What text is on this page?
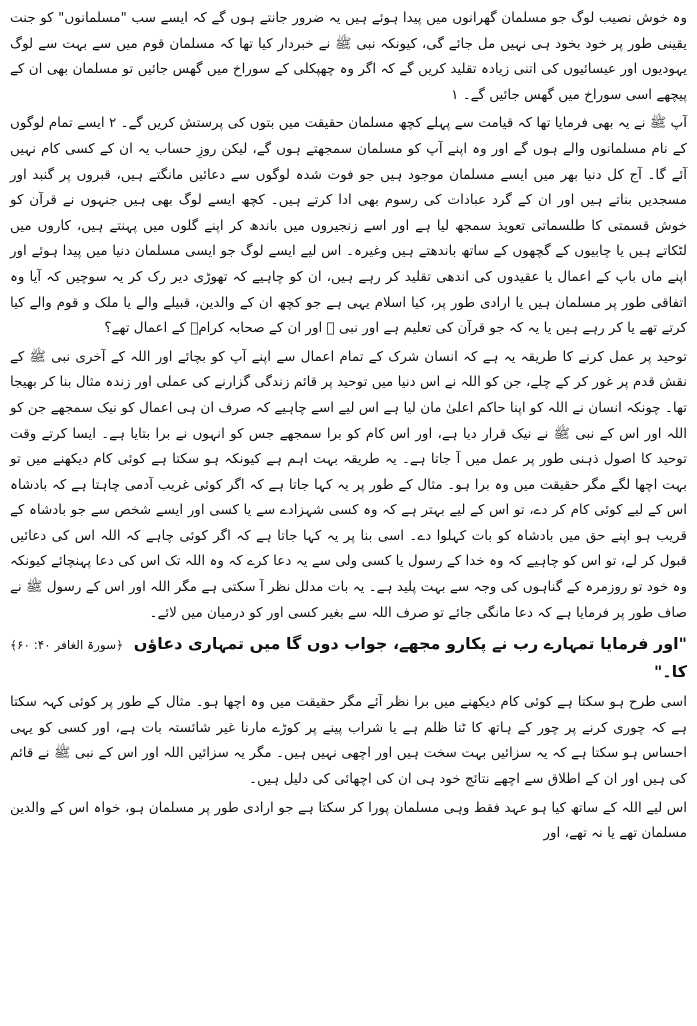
وہ خوش نصیب لوگ جو مسلمان گھرانوں میں پیدا ہوئے ہیں یہ ضرور جانتے ہوں گے کہ ایسے سب "مسلمانوں" کو جنت یقینی طور پر خود بخود ہی نہیں مل جائے گی، کیونکہ نبی ﷺ نے خبردار کیا تھا کہ مسلمان قوم میں سے بہت سے لوگ یہودیوں اور عیسائیوں کی اتنی زیادہ تقلید کریں گے کہ اگر وہ چھپکلی کے سوراخ میں گھس جائیں تو مسلمان بھی ان کے پیچھے اسی سوراخ میں گھس جائیں گے۔ ۱

آپ ﷺ نے یہ بھی فرمایا تھا کہ قیامت سے پہلے کچھ مسلمان حقیقت میں بتوں کی پرستش کریں گے۔ ۲ ایسے تمام لوگوں کے نام مسلمانوں والے ہوں گے اور وہ اپنے آپ کو مسلمان سمجھتے ہوں گے، لیکن روزِ حساب یہ ان کے کسی کام نہیں آئے گا۔ آج کل دنیا بھر میں ایسے مسلمان موجود ہیں جو فوت شدہ لوگوں سے دعائیں مانگتے ہیں، قبروں پر گنبد اور مسجدیں بناتے ہیں اور ان کے گرد عبادات کی رسوم بھی ادا کرتے ہیں۔ کچھ ایسے لوگ بھی ہیں جنہوں نے قرآن کو خوش قسمتی کا طلسماتی تعویذ سمجھ لیا ہے اور اسے زنجیروں میں باندھ کر اپنے گلوں میں پہنتے ہیں، کاروں میں لٹکاتے ہیں یا چابیوں کے گچھوں کے ساتھ باندھتے ہیں وغیرہ۔ اس لیے ایسے لوگ جو ایسی مسلمان دنیا میں پیدا ہوئے اور اپنے ماں باپ کے اعمال یا عقیدوں کی اندھی تقلید کر رہے ہیں، ان کو چاہیے کہ تھوڑی دیر رک کر یہ سوچیں کہ آیا وہ اتفاقی طور پر مسلمان ہیں یا ارادی طور پر، کیا اسلام یہی ہے جو کچھ ان کے والدین، قبیلے والے یا ملک و قوم والے کیا کرتے تھے یا کر رہے ہیں یا یہ کہ جو قرآن کی تعلیم ہے اور نبی ﷺ اور ان کے صحابہ کرامؓ کے اعمال تھے؟

توحید پر عمل کرنے کا طریقہ یہ ہے کہ انسان شرک کے تمام اعمال سے اپنے آپ کو بچائے اور اللہ کے آخری نبی ﷺ کے نقش قدم پر غور کر کے چلے، جن کو اللہ نے اس دنیا میں توحید پر قائم زندگی گزارنے کی عملی اور زندہ مثال بنا کر بھیجا تھا۔ چونکہ انسان نے اللہ کو اپنا حاکم اعلیٰ مان لیا ہے اس لیے اسے چاہیے کہ صرف ان ہی اعمال کو نیک سمجھے جن کو اللہ اور اس کے نبی ﷺ نے نیک قرار دیا ہے، اور اس کام کو برا سمجھے جس کو انہوں نے برا بتایا ہے۔ ایسا کرتے وقت توحید کا اصول ذہنی طور پر عمل میں آ جاتا ہے۔ یہ طریقہ بہت اہم ہے کیونکہ ہو سکتا ہے کوئی کام دیکھنے میں تو بہت اچھا لگے مگر حقیقت میں وہ برا ہو۔ مثال کے طور پر یہ کہا جاتا ہے کہ اگر کوئی غریب آدمی چاہتا ہے کہ بادشاہ اس کے لیے کوئی کام کر دے، تو اس کے لیے بہتر ہے کہ وہ کسی شہزادے سے یا کسی اور ایسے شخص سے جو بادشاہ کے قریب ہو اپنے حق میں بادشاہ کو بات کہلوا دے۔ اسی بنا پر یہ کہا جاتا ہے کہ اگر کوئی چاہے کہ اللہ اس کی دعائیں قبول کر لے، تو اس کو چاہیے کہ وہ خدا کے رسول یا کسی ولی سے یہ دعا کرے کہ وہ اللہ تک اس کی دعا پہنچائے کیونکہ وہ خود تو روزمرہ کے گناہوں کی وجہ سے بہت پلید ہے۔ یہ بات مدلل نظر آ سکتی ہے مگر اللہ اور اس کے رسول ﷺ نے صاف طور پر فرمایا ہے کہ دعا مانگی جائے تو صرف اللہ سے بغیر کسی اور کو درمیان میں لائے۔

"اور فرمایا تمہارے رب نے پکارو مجھے، جواب دوں گا میں تمہاری دعاؤں کا۔"
﴿سورۃ الغافر ۴۰: ۶۰﴾

اسی طرح ہو سکتا ہے کوئی کام دیکھنے میں برا نظر آئے مگر حقیقت میں وہ اچھا ہو۔ مثال کے طور پر کوئی کہہ سکتا ہے کہ چوری کرنے پر چور کے ہاتھ کا ٹنا ظلم ہے یا شراب پینے پر کوڑے مارنا غیر شائستہ بات ہے، اور کسی کو یہی احساس ہو سکتا ہے کہ یہ سزائیں بہت سخت ہیں اور اچھی نہیں ہیں۔ مگر یہ سزائیں اللہ اور اس کے نبی ﷺ نے قائم کی ہیں اور ان کے اطلاق سے اچھے نتائج خود ہی ان کی اچھائی کی دلیل ہیں۔

اس لیے اللہ کے ساتھ کیا ہو عہد فقط وہی مسلمان پورا کر سکتا ہے جو ارادی طور پر مسلمان ہو، خواہ اس کے والدین مسلمان تھے یا نہ تھے، اور
